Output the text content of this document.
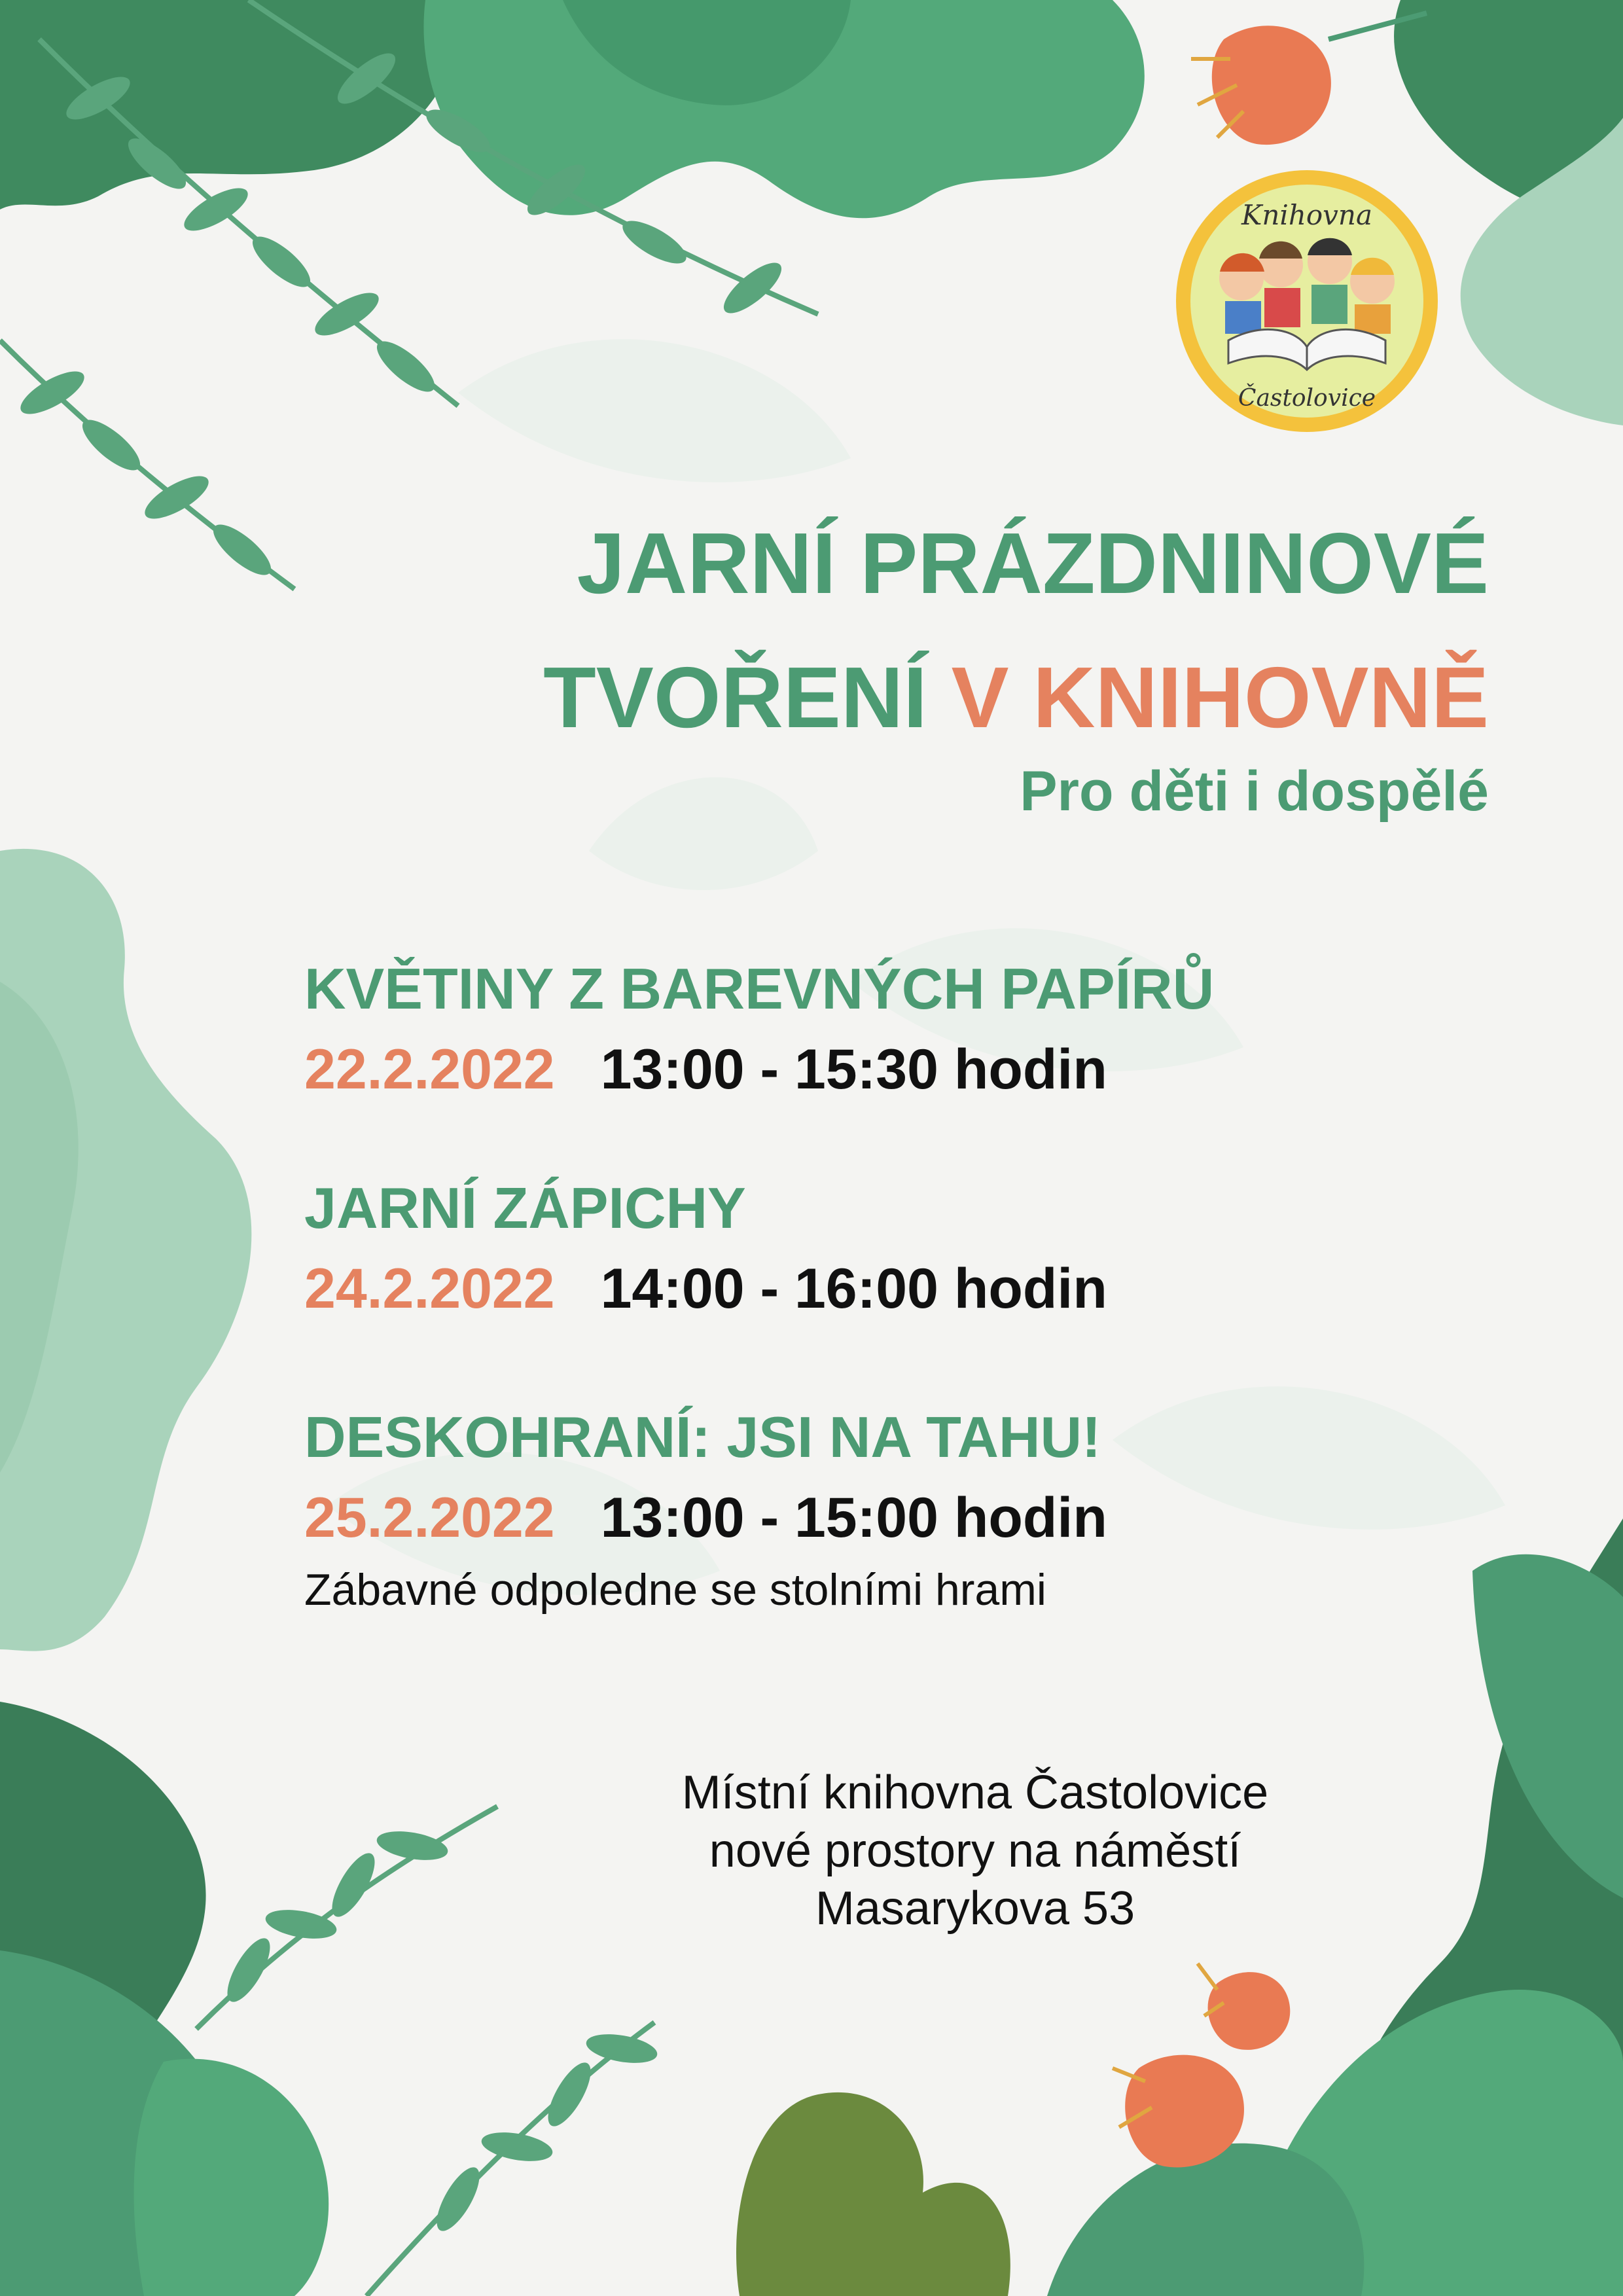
Knihovna
Častolovice
JARNÍ PRÁZDNINOVÉ
TVOŘENÍ V KNIHOVNĚ
Pro děti i dospělé
KVĚTINY Z BAREVNÝCH PAPÍRŮ
22.2.2022 13:00 - 15:30 hodin
JARNÍ ZÁPICHY
24.2.2022 14:00 - 16:00 hodin
DESKOHRANÍ: JSI NA TAHU!
25.2.2022 13:00 - 15:00 hodin
Zábavné odpoledne se stolními hrami
Místní knihovna Častolovice
nové prostory na náměstí
Masarykova 53
